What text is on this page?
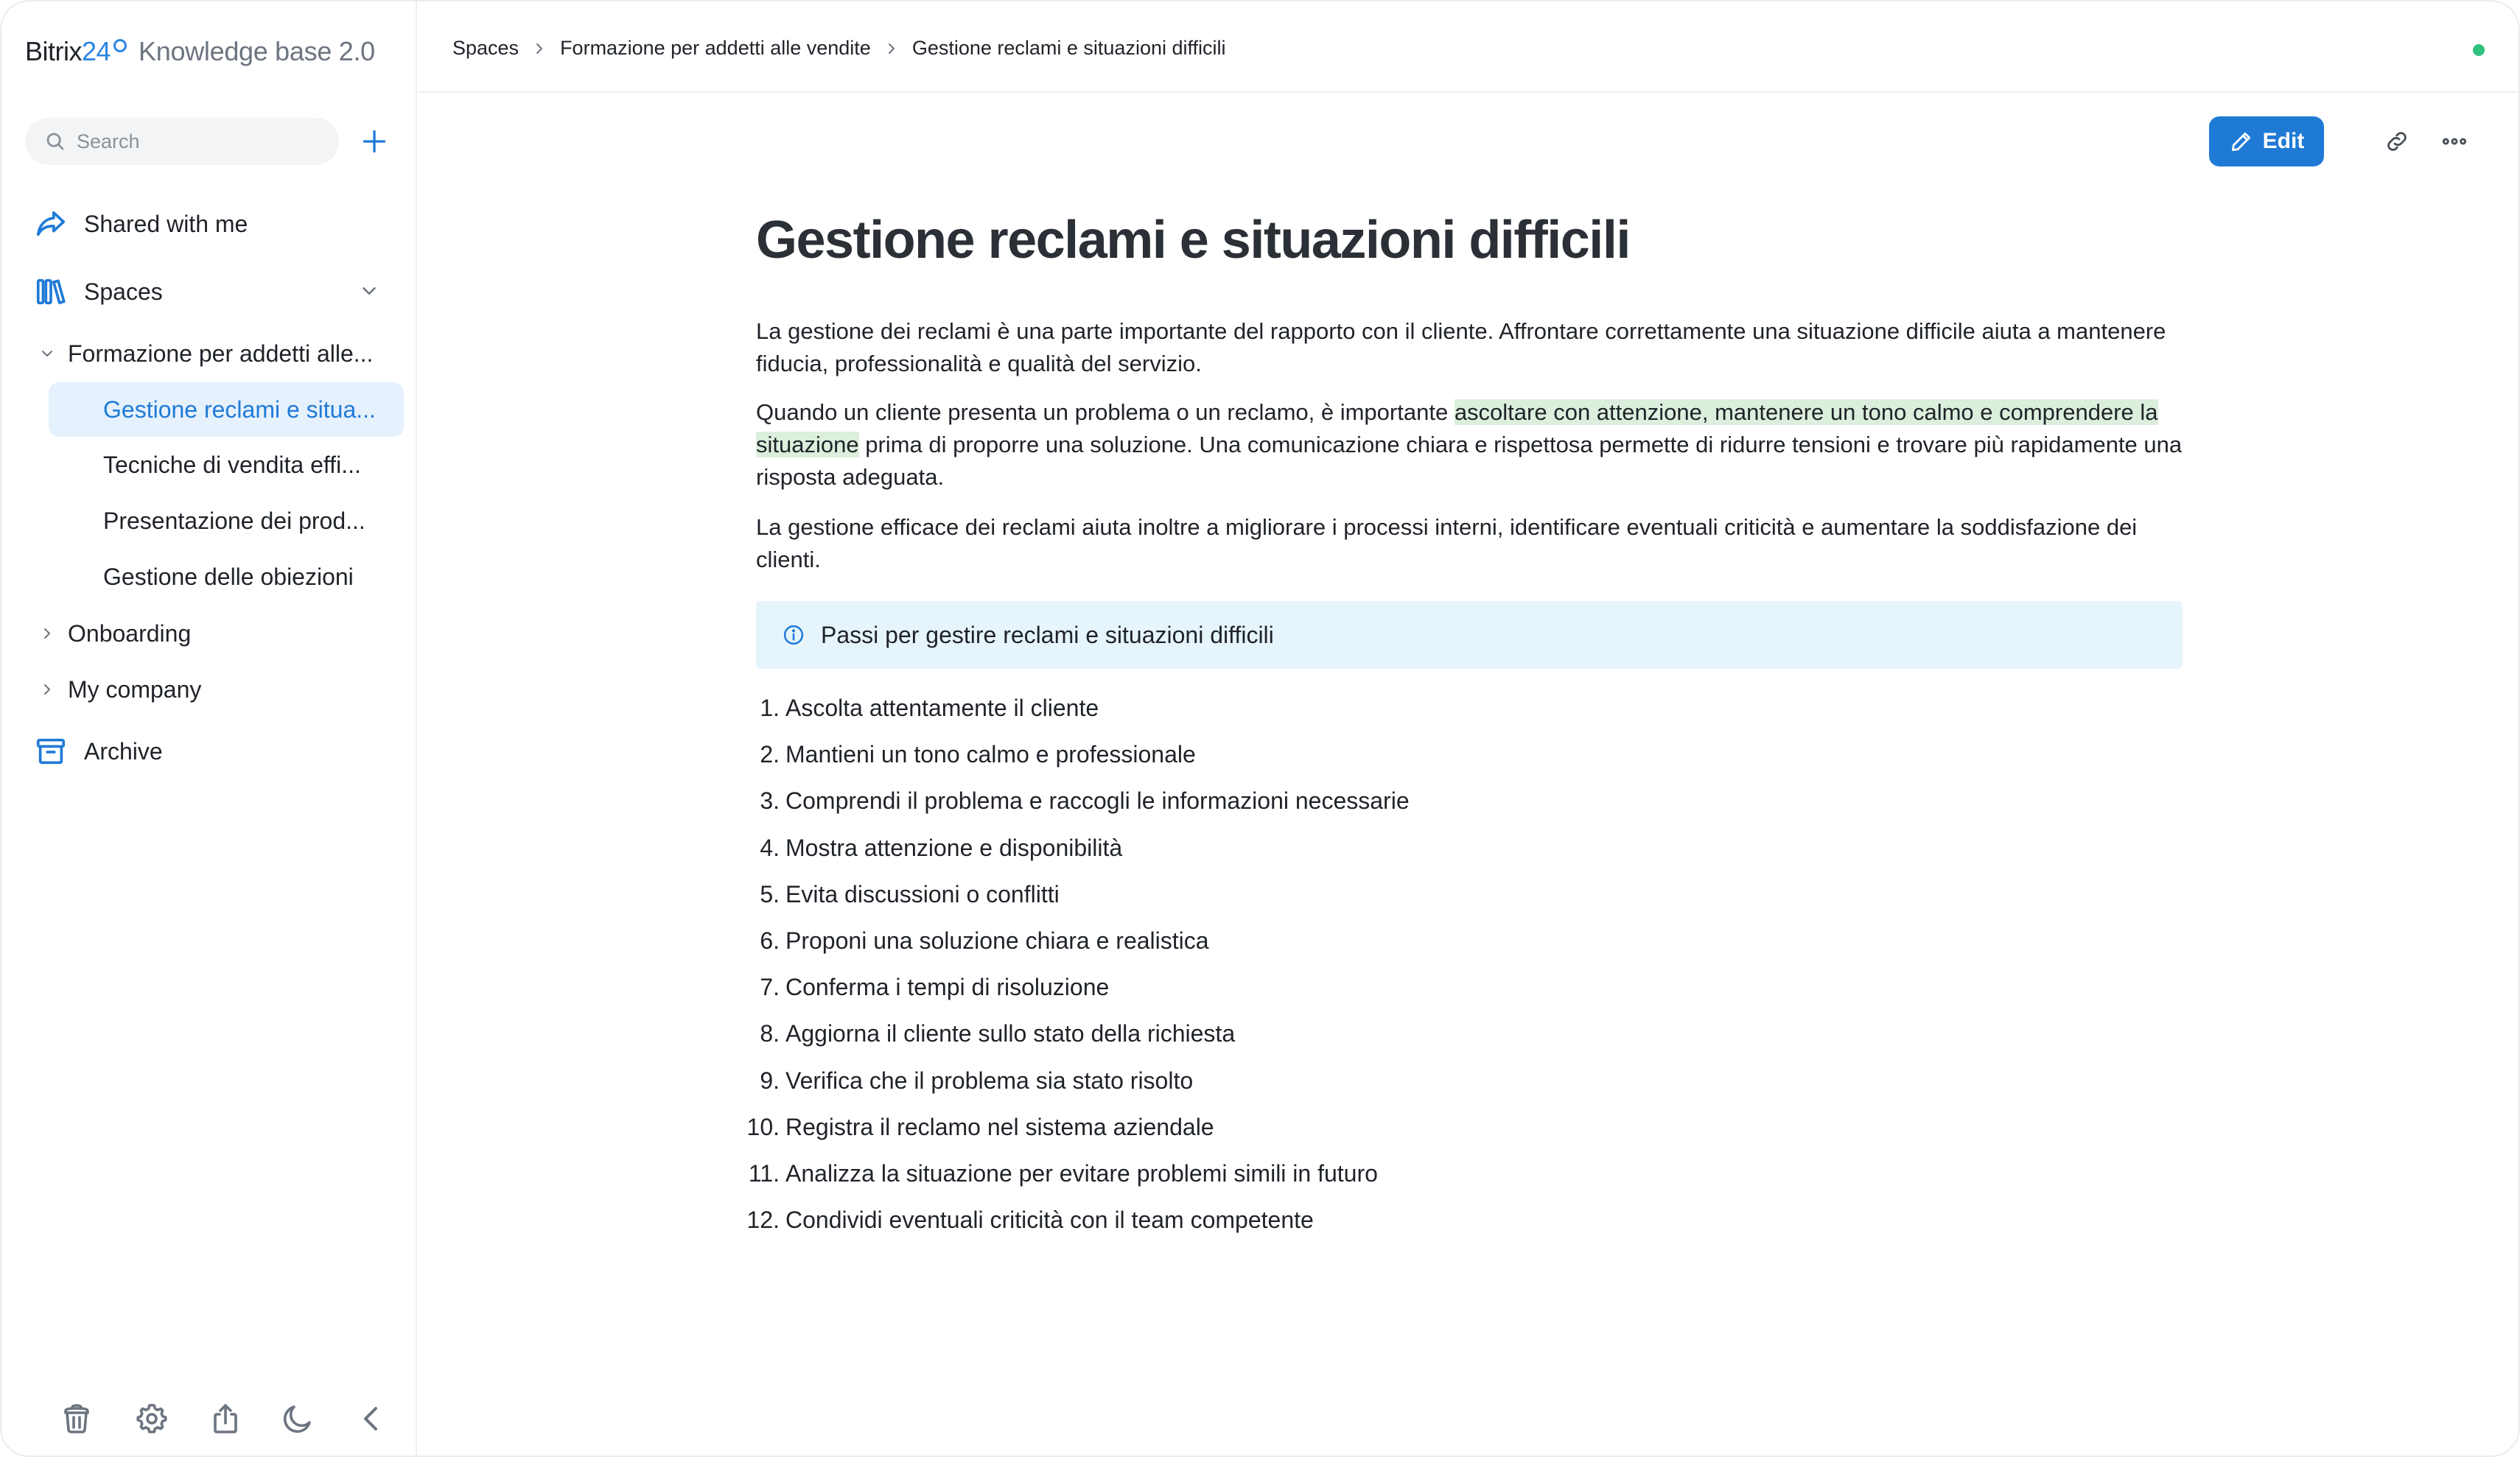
Bitrix 24 Knowledge base 2.0
Search
Shared with me
Spaces
Formazione per addetti alle...
Gestione reclami e situa...
Tecniche di vendita effi...
Presentazione dei prod...
Gestione delle obiezioni
Onboarding
My company
Archive
Spaces Formazione per addetti alle vendite Gestione reclami e situazioni difficili
Edit
Gestione reclami e situazioni difficili

La gestione dei reclami è una parte importante del rapporto con il cliente. Affrontare correttamente una situazione difficile aiuta a mantenere fiducia, professionalità e qualità del servizio.

Quando un cliente presenta un problema o un reclamo, è importante ascoltare con attenzione, mantenere un tono calmo e comprendere la situazione prima di proporre una soluzione. Una comunicazione chiara e rispettosa permette di ridurre tensioni e trovare più rapidamente una risposta adeguata.

La gestione efficace dei reclami aiuta inoltre a migliorare i processi interni, identificare eventuali criticità e aumentare la soddisfazione dei clienti.

Passi per gestire reclami e situazioni difficili
1. Ascolta attentamente il cliente
2. Mantieni un tono calmo e professionale
3. Comprendi il problema e raccogli le informazioni necessarie
4. Mostra attenzione e disponibilità
5. Evita discussioni o conflitti
6. Proponi una soluzione chiara e realistica
7. Conferma i tempi di risoluzione
8. Aggiorna il cliente sullo stato della richiesta
9. Verifica che il problema sia stato risolto
10. Registra il reclamo nel sistema aziendale
11. Analizza la situazione per evitare problemi simili in futuro
12. Condividi eventuali criticità con il team competente
